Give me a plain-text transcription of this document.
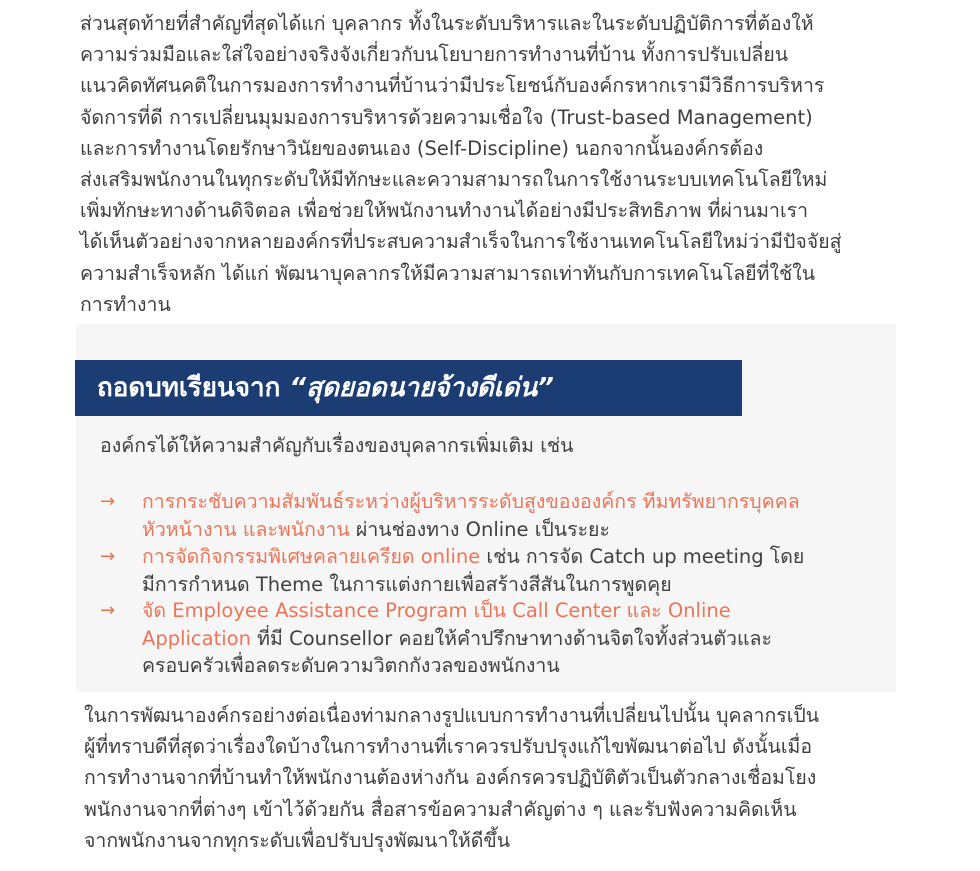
ส่วนสุดท้ายที่สำคัญที่สุดได้แก่ บุคลากร ทั้งในระดับบริหารและในระดับปฏิบัติการที่ต้องให้
ความร่วมมือและใส่ใจอย่างจริงจังเกี่ยวกับนโยบายการทำงานที่บ้าน ทั้งการปรับเปลี่ยน
แนวคิดทัศนคติในการมองการทำงานที่บ้านว่ามีประโยชน์กับองค์กรหากเรามีวิธีการบริหาร
จัดการที่ดี การเปลี่ยนมุมมองการบริหารด้วยความเชื่อใจ (Trust-based Management)
และการทำงานโดยรักษาวินัยของตนเอง (Self-Discipline) นอกจากนั้นองค์กรต้อง
ส่งเสริมพนักงานในทุกระดับให้มีทักษะและความสามารถในการใช้งานระบบเทคโนโลยีใหม่
เพิ่มทักษะทางด้านดิจิตอล เพื่อช่วยให้พนักงานทำงานได้อย่างมีประสิทธิภาพ ที่ผ่านมาเรา
ได้เห็นตัวอย่างจากหลายองค์กรที่ประสบความสำเร็จในการใช้งานเทคโนโลยีใหม่ว่ามีปัจจัยสู่
ความสำเร็จหลัก ได้แก่ พัฒนาบุคลากรให้มีความสามารถเท่าทันกับการเทคโนโลยีที่ใช้ใน
การทำงาน
ถอดบทเรียนจาก “สุดยอดนายจ้างดีเด่น”
องค์กรได้ให้ความสำคัญกับเรื่องของบุคลากรเพิ่มเติม เช่น
→	การกระชับความสัมพันธ์ระหว่างผู้บริหารระดับสูงขององค์กร ทีมทรัพยากรบุคคล
หัวหน้างาน และพนักงาน ผ่านช่องทาง Online เป็นระยะ
→	การจัดกิจกรรมพิเศษคลายเครียด online เช่น การจัด Catch up meeting โดย
มีการกำหนด Theme ในการแต่งกายเพื่อสร้างสีสันในการพูดคุย
→	จัด Employee Assistance Program เป็น Call Center และ Online
Application ที่มี Counsellor คอยให้คำปรึกษาทางด้านจิตใจทั้งส่วนตัวและ
ครอบครัวเพื่อลดระดับความวิตกกังวลของพนักงาน
ในการพัฒนาองค์กรอย่างต่อเนื่องท่ามกลางรูปแบบการทำงานที่เปลี่ยนไปนั้น บุคลากรเป็น
ผู้ที่ทราบดีที่สุดว่าเรื่องใดบ้างในการทำงานที่เราควรปรับปรุงแก้ไขพัฒนาต่อไป ดังนั้นเมื่อ
การทำงานจากที่บ้านทำให้พนักงานต้องห่างกัน องค์กรควรปฏิบัติตัวเป็นตัวกลางเชื่อมโยง
พนักงานจากที่ต่างๆ เข้าไว้ด้วยกัน สื่อสารข้อความสำคัญต่าง ๆ และรับฟังความคิดเห็น
จากพนักงานจากทุกระดับเพื่อปรับปรุงพัฒนาให้ดีขึ้น
